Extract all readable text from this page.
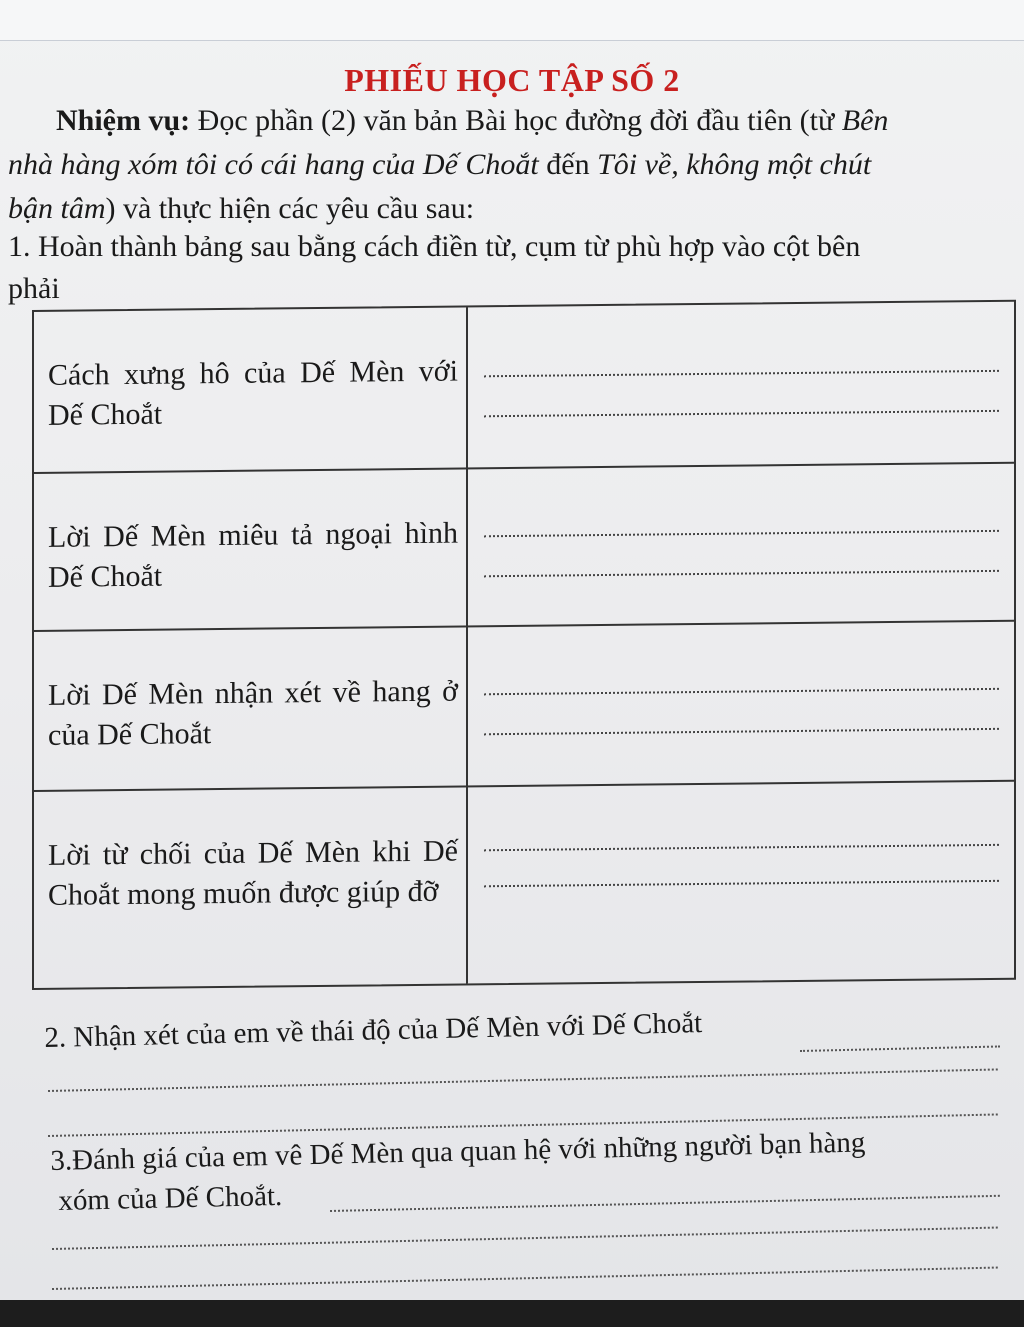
PHIẾU HỌC TẬP SỐ 2
Nhiệm vụ: Đọc phần (2) văn bản Bài học đường đời đầu tiên (từ Bên
nhà hàng xóm tôi có cái hang của Dế Choắt đến Tôi về, không một chút
bận tâm) và thực hiện các yêu cầu sau:
1. Hoàn thành bảng sau bằng cách điền từ, cụm từ phù hợp vào cột bên
phải
Cách xưng hô của Dế Mèn với Dế Choắt
Lời Dế Mèn miêu tả ngoại hình Dế Choắt
Lời Dế Mèn nhận xét về hang ở của Dế Choắt
Lời từ chối của Dế Mèn khi Dế Choắt mong muốn được giúp đỡ
2. Nhận xét của em về thái độ của Dế Mèn với Dế Choắt
3.Đánh giá của em vê Dế Mèn qua quan hệ với những người bạn hàng
xóm của Dế Choắt.
